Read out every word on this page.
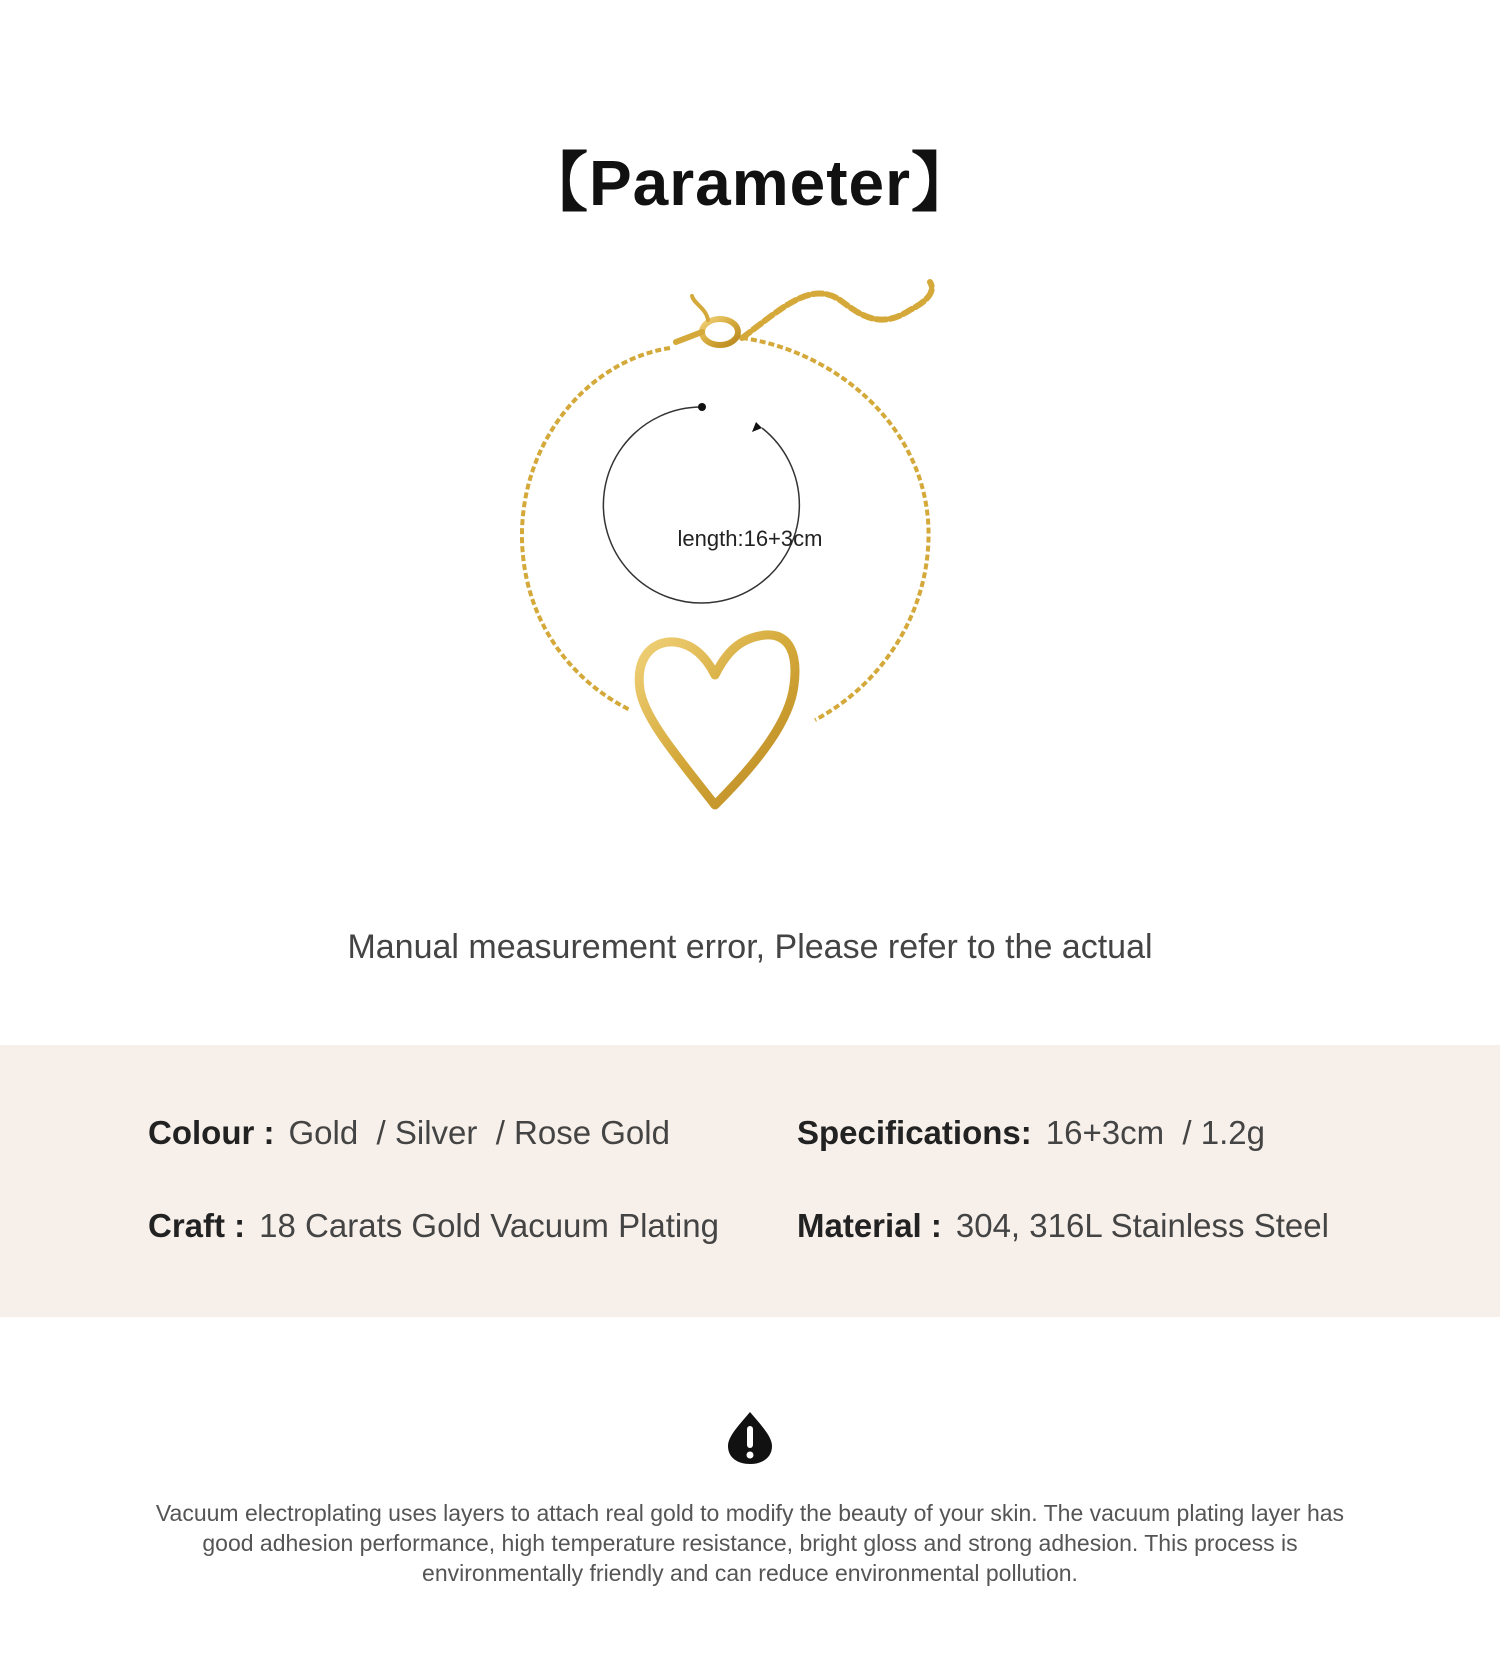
【Parameter】
length:16+3cm
Manual measurement error, Please refer to the actual
Colour : Gold  / Silver  / Rose Gold	Specifications: 16+3cm  / 1.2g
Craft : 18 Carats Gold Vacuum Plating Material : 304, 316L Stainless Steel
Vacuum electroplating uses layers to attach real gold to modify the beauty of your skin. The vacuum plating layer has good adhesion performance, high temperature resistance, bright gloss and strong adhesion. This process is environmentally friendly and can reduce environmental pollution.
